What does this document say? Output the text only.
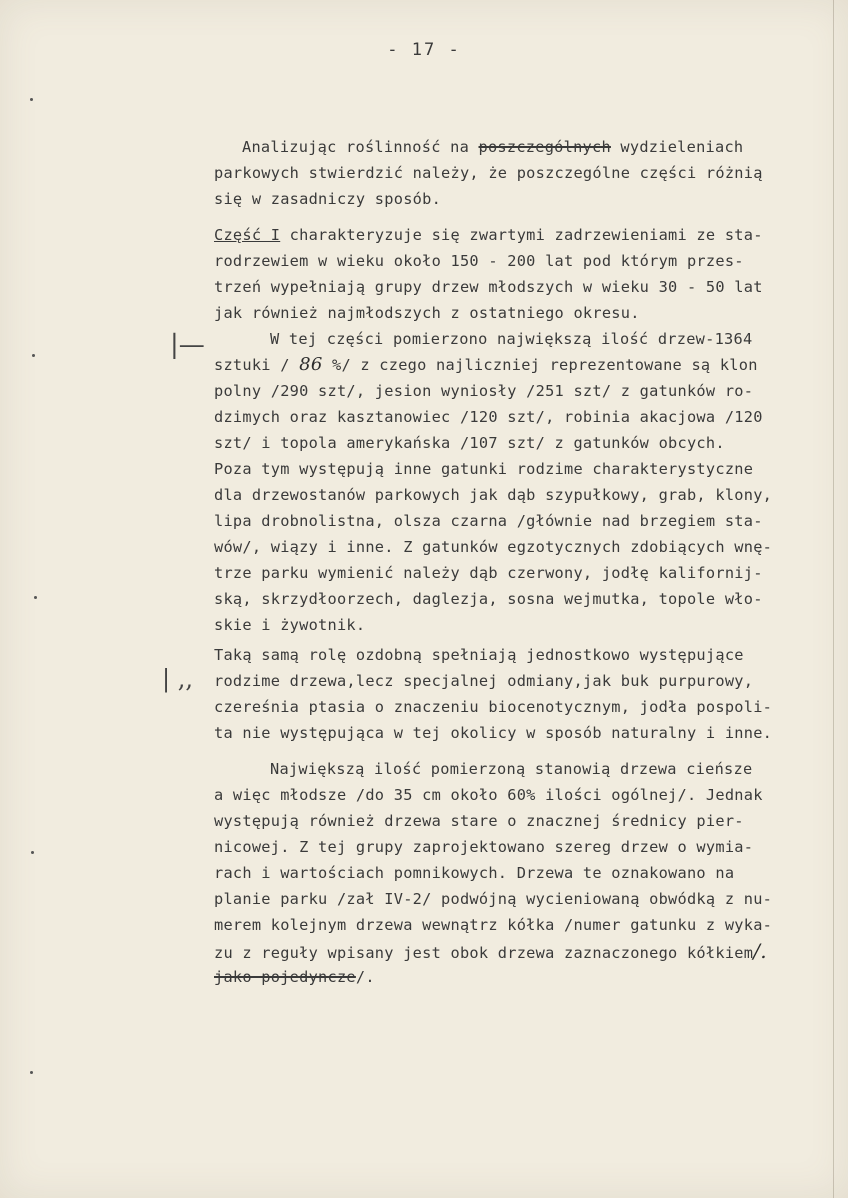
- 17 -
|—
| ,,
Analizując roślinność na poszczególnych wydzieleniach
parkowych stwierdzić należy, że poszczególne części różnią
się w zasadniczy sposób.
Część I charakteryzuje się zwartymi zadrzewieniami ze sta-
rodrzewiem w wieku około 150 - 200 lat pod którym przes-
trzeń wypełniają grupy drzew młodszych w wieku 30 - 50 lat
jak również najmłodszych z ostatniego okresu.
W tej części pomierzono największą ilość drzew-1364
sztuki / 86 %/ z czego najliczniej reprezentowane są klon
polny /290 szt/, jesion wyniosły /251 szt/ z gatunków ro-
dzimych oraz kasztanowiec /120 szt/, robinia akacjowa /120
szt/ i topola amerykańska /107 szt/ z gatunków obcych.
Poza tym występują inne gatunki rodzime charakterystyczne
dla drzewostanów parkowych jak dąb szypułkowy, grab, klony,
lipa drobnolistna, olsza czarna /głównie nad brzegiem sta-
wów/, wiązy i inne. Z gatunków egzotycznych zdobiących wnę-
trze parku wymienić należy dąb czerwony, jodłę kalifornij-
ską, skrzydłoorzech, daglezja, sosna wejmutka, topole wło-
skie i żywotnik.
Taką samą rolę ozdobną spełniają jednostkowo występujące
rodzime drzewa,lecz specjalnej odmiany,jak buk purpurowy,
czereśnia ptasia o znaczeniu biocenotycznym, jodła pospoli-
ta nie występująca w tej okolicy w sposób naturalny i inne.
Największą ilość pomierzoną stanowią drzewa cieńsze
a więc młodsze /do 35 cm około 60% ilości ogólnej/. Jednak
występują również drzewa stare o znacznej średnicy pier-
nicowej. Z tej grupy zaprojektowano szereg drzew o wymia-
rach i wartościach pomnikowych. Drzewa te oznakowano na
planie parku /zał IV-2/ podwójną wycieniowaną obwódką z nu-
merem kolejnym drzewa wewnątrz kółka /numer gatunku z wyka-
zu z reguły wpisany jest obok drzewa zaznaczonego kółkiem/.
jako pojedyncze/.
